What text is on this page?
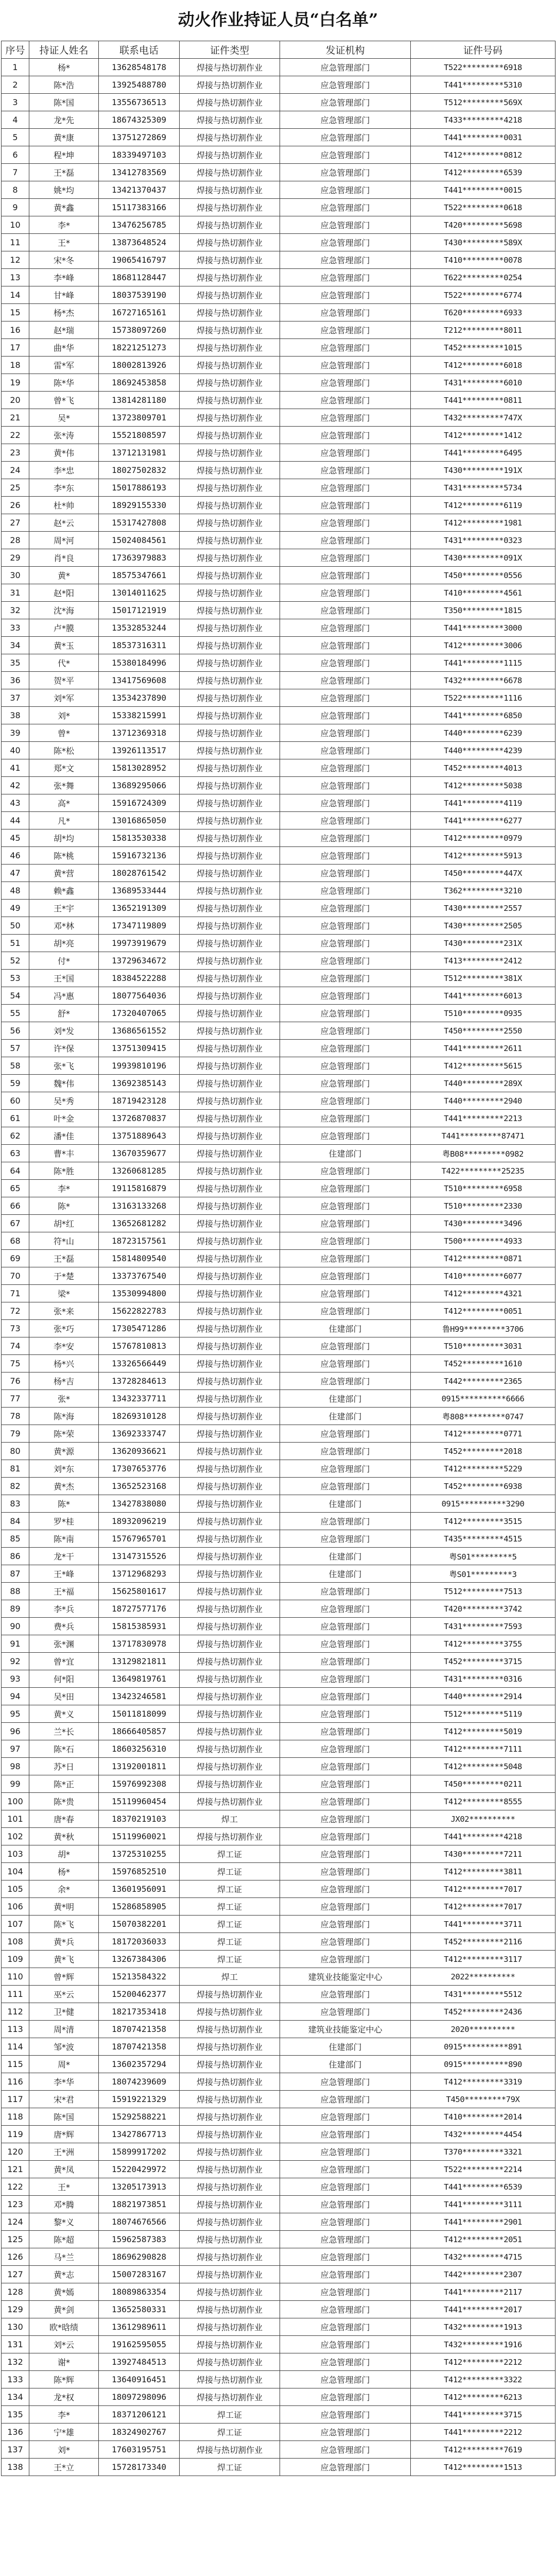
动火作业持证人员“白名单”
序号	持证人姓名	联系电话	证件类型	发证机构	证件号码
1	杨*	13628548178	焊接与热切割作业	应急管理部门	T522*********6918
2	陈*浩	13925488780	焊接与热切割作业	应急管理部门	T441*********5310
3	陈*国	13556736513	焊接与热切割作业	应急管理部门	T512*********569X
4	龙*先	18674325309	焊接与热切割作业	应急管理部门	T433*********4218
5	黄*康	13751272869	焊接与热切割作业	应急管理部门	T441*********0031
6	程*坤	18339497103	焊接与热切割作业	应急管理部门	T412*********0812
7	王*磊	13412783569	焊接与热切割作业	应急管理部门	T412*********6539
8	姚*均	13421370437	焊接与热切割作业	应急管理部门	T441*********0015
9	黄*鑫	15117383166	焊接与热切割作业	应急管理部门	T522*********0618
10	李*	13476256785	焊接与热切割作业	应急管理部门	T420*********5698
11	王*	13873648524	焊接与热切割作业	应急管理部门	T430*********589X
12	宋*冬	19065416797	焊接与热切割作业	应急管理部门	T410*********0078
13	李*峰	18681128447	焊接与热切割作业	应急管理部门	T622*********0254
14	甘*峰	18037539190	焊接与热切割作业	应急管理部门	T522*********6774
15	杨*杰	16727165161	焊接与热切割作业	应急管理部门	T620*********6933
16	赵*瑞	15738097260	焊接与热切割作业	应急管理部门	T212*********8011
17	曲*华	18221251273	焊接与热切割作业	应急管理部门	T452*********1015
18	雷*军	18002813926	焊接与热切割作业	应急管理部门	T412*********6018
19	陈*华	18692453858	焊接与热切割作业	应急管理部门	T431*********6010
20	曾*飞	13814281180	焊接与热切割作业	应急管理部门	T441*********0811
21	吴*	13723809701	焊接与热切割作业	应急管理部门	T432*********747X
22	张*涛	15521808597	焊接与热切割作业	应急管理部门	T412*********1412
23	黄*伟	13712131981	焊接与热切割作业	应急管理部门	T441*********6495
24	李*忠	18027502832	焊接与热切割作业	应急管理部门	T430*********191X
25	李*东	15017886193	焊接与热切割作业	应急管理部门	T431*********5734
26	杜*帅	18929155330	焊接与热切割作业	应急管理部门	T412*********6119
27	赵*云	15317427808	焊接与热切割作业	应急管理部门	T412*********1981
28	周*河	15024084561	焊接与热切割作业	应急管理部门	T431*********0323
29	肖*良	17363979883	焊接与热切割作业	应急管理部门	T430*********091X
30	黄*	18575347661	焊接与热切割作业	应急管理部门	T450*********0556
31	赵*阳	13014011625	焊接与热切割作业	应急管理部门	T410*********4561
32	沈*海	15017121919	焊接与热切割作业	应急管理部门	T350*********1815
33	卢*膜	13532853244	焊接与热切割作业	应急管理部门	T441*********3000
34	黄*玉	18537316311	焊接与热切割作业	应急管理部门	T412*********3006
35	代*	15380184996	焊接与热切割作业	应急管理部门	T441*********1115
36	贺*平	13417569608	焊接与热切割作业	应急管理部门	T432*********6678
37	刘*军	13534237890	焊接与热切割作业	应急管理部门	T522*********1116
38	刘*	15338215991	焊接与热切割作业	应急管理部门	T441*********6850
39	曾*	13712369318	焊接与热切割作业	应急管理部门	T440*********6239
40	陈*松	13926113517	焊接与热切割作业	应急管理部门	T440*********4239
41	郑*文	15813028952	焊接与热切割作业	应急管理部门	T452*********4013
42	张*舞	13689295066	焊接与热切割作业	应急管理部门	T412*********5038
43	高*	15916724309	焊接与热切割作业	应急管理部门	T441*********4119
44	凡*	13016865050	焊接与热切割作业	应急管理部门	T441*********6277
45	胡*均	15813530338	焊接与热切割作业	应急管理部门	T412*********0979
46	陈*桃	15916732136	焊接与热切割作业	应急管理部门	T412*********5913
47	黄*营	18028761542	焊接与热切割作业	应急管理部门	T450*********447X
48	赖*鑫	13689533444	焊接与热切割作业	应急管理部门	T362*********3210
49	王*宇	13652191309	焊接与热切割作业	应急管理部门	T430*********2557
50	邓*林	17347119809	焊接与热切割作业	应急管理部门	T430*********2505
51	胡*亮	19973919679	焊接与热切割作业	应急管理部门	T430*********231X
52	付*	13729634672	焊接与热切割作业	应急管理部门	T413*********2412
53	王*国	18384522288	焊接与热切割作业	应急管理部门	T512*********381X
54	冯*惠	18077564036	焊接与热切割作业	应急管理部门	T441*********6013
55	舒*	17320407065	焊接与热切割作业	应急管理部门	T510*********0935
56	刘*发	13686561552	焊接与热切割作业	应急管理部门	T450*********2550
57	许*保	13751309415	焊接与热切割作业	应急管理部门	T441*********2611
58	张*飞	19939810196	焊接与热切割作业	应急管理部门	T412*********5615
59	魏*伟	13692385143	焊接与热切割作业	应急管理部门	T440*********289X
60	吴*秀	18719423128	焊接与热切割作业	应急管理部门	T440*********2940
61	叶*金	13726870837	焊接与热切割作业	应急管理部门	T441*********2213
62	潘*佳	13751889643	焊接与热切割作业	应急管理部门	T441*********87471
63	曹*丰	13670359677	焊接与热切割作业	住建部门	粤B08*********0982
64	陈*胜	13260681285	焊接与热切割作业	应急管理部门	T422*********25235
65	李*	19115816879	焊接与热切割作业	应急管理部门	T510*********6958
66	陈*	13163133268	焊接与热切割作业	应急管理部门	T510*********2330
67	胡*红	13652681282	焊接与热切割作业	应急管理部门	T430*********3496
68	符*山	18723157561	焊接与热切割作业	应急管理部门	T500*********4933
69	王*磊	15814809540	焊接与热切割作业	应急管理部门	T412*********0871
70	于*楚	13373767540	焊接与热切割作业	应急管理部门	T410*********6077
71	梁*	13530994800	焊接与热切割作业	应急管理部门	T412*********4321
72	张*来	15622822783	焊接与热切割作业	应急管理部门	T412*********0051
73	张*巧	17305471286	焊接与热切割作业	住建部门	鲁H99*********3706
74	李*安	15767810813	焊接与热切割作业	应急管理部门	T510*********3031
75	杨*兴	13326566449	焊接与热切割作业	应急管理部门	T452*********1610
76	杨*吉	13728284613	焊接与热切割作业	应急管理部门	T442*********2365
77	张*	13432337711	焊接与热切割作业	住建部门	0915**********6666
78	陈*海	18269310128	焊接与热切割作业	住建部门	粤808*********0747
79	陈*荣	13692333747	焊接与热切割作业	应急管理部门	T412*********0771
80	黄*源	13620936621	焊接与热切割作业	应急管理部门	T452*********2018
81	刘*东	17307653776	焊接与热切割作业	应急管理部门	T412*********5229
82	黄*杰	13652523168	焊接与热切割作业	应急管理部门	T452*********6938
83	陈*	13427838080	焊接与热切割作业	住建部门	0915**********3290
84	罗*桂	18932096219	焊接与热切割作业	应急管理部门	T412*********3515
85	陈*南	15767965701	焊接与热切割作业	应急管理部门	T435*********4515
86	龙*干	13147315526	焊接与热切割作业	住建部门	粤S01*********5
87	王*峰	13712968293	焊接与热切割作业	住建部门	粤S01*********3
88	王*福	15625801617	焊接与热切割作业	应急管理部门	T512*********7513
89	李*兵	18727577176	焊接与热切割作业	应急管理部门	T420*********3742
90	费*兵	15815385931	焊接与热切割作业	应急管理部门	T431*********7593
91	张*渊	13717830978	焊接与热切割作业	应急管理部门	T412*********3755
92	曾*宜	13129821811	焊接与热切割作业	应急管理部门	T452*********3715
93	何*阳	13649819761	焊接与热切割作业	应急管理部门	T431*********0316
94	吴*田	13423246581	焊接与热切割作业	应急管理部门	T440*********2914
95	黄*义	15011818099	焊接与热切割作业	应急管理部门	T512*********5119
96	兰*长	18666405857	焊接与热切割作业	应急管理部门	T412*********5019
97	陈*石	18603256310	焊接与热切割作业	应急管理部门	T412*********7111
98	苏*日	13192001811	焊接与热切割作业	应急管理部门	T412*********5048
99	陈*正	15976992308	焊接与热切割作业	应急管理部门	T450*********0211
100	陈*贵	15119960454	焊接与热切割作业	应急管理部门	T412*********8555
101	唐*春	18370219103	焊工	应急管理部门	JX02**********
102	黄*秋	15119960021	焊接与热切割作业	应急管理部门	T441*********4218
103	胡*	13725310255	焊工证	应急管理部门	T430*********7211
104	杨*	15976852510	焊工证	应急管理部门	T412*********3811
105	余*	13601956091	焊工证	应急管理部门	T412*********7017
106	黄*明	15286858905	焊工证	应急管理部门	T412*********7017
107	陈*飞	15070382201	焊工证	应急管理部门	T441*********3711
108	黄*兵	18172036033	焊工证	应急管理部门	T452*********2116
109	黄*飞	13267384306	焊工证	应急管理部门	T412*********3117
110	曾*辉	15213584322	焊工	建筑业技能鉴定中心	2022**********
111	巫*云	15200462377	焊接与热切割作业	应急管理部门	T431*********5512
112	卫*健	18217353418	焊接与热切割作业	应急管理部门	T452*********2436
113	周*清	18707421358	焊接与热切割作业	建筑业技能鉴定中心	2020**********
114	邹*波	18707421358	焊接与热切割作业	住建部门	0915**********891
115	周*	13602357294	焊接与热切割作业	住建部门	0915**********890
116	李*华	18074239609	焊接与热切割作业	应急管理部门	T412*********3319
117	宋*君	15919221329	焊接与热切割作业	应急管理部门	T450*********79X
118	陈*国	15292588221	焊接与热切割作业	应急管理部门	T410*********2014
119	唐*辉	13427867713	焊接与热切割作业	应急管理部门	T432*********4454
120	王*洲	15899917202	焊接与热切割作业	应急管理部门	T370*********3321
121	黄*凤	15220429972	焊接与热切割作业	应急管理部门	T522*********2214
122	王*	13205173913	焊接与热切割作业	应急管理部门	T441*********6539
123	邓*腾	18821973851	焊接与热切割作业	应急管理部门	T441*********3111
124	黎*义	18074676566	焊接与热切割作业	应急管理部门	T441*********2901
125	陈*超	15962587383	焊接与热切割作业	应急管理部门	T412*********2051
126	马*兰	18696290828	焊接与热切割作业	应急管理部门	T432*********4715
127	黄*志	15007283167	焊接与热切割作业	应急管理部门	T442*********2307
128	黄*嫣	18089863354	焊接与热切割作业	应急管理部门	T441*********2117
129	黄*剑	13652580331	焊接与热切割作业	应急管理部门	T441*********2017
130	欧*晗绩	13612989611	焊接与热切割作业	应急管理部门	T432*********1913
131	刘*云	19162595055	焊接与热切割作业	应急管理部门	T432*********1916
132	谢*	13927484513	焊接与热切割作业	应急管理部门	T412*********2212
133	陈*辉	13640916451	焊接与热切割作业	应急管理部门	T412*********3322
134	龙*权	18097298096	焊接与热切割作业	应急管理部门	T412*********6213
135	李*	18371206121	焊工证	应急管理部门	T441*********3715
136	宁*雄	18324902767	焊工证	应急管理部门	T441*********2212
137	刘*	17603195751	焊接与热切割作业	应急管理部门	T412*********7619
138	王*立	15728173340	焊工证	应急管理部门	T412*********1513
